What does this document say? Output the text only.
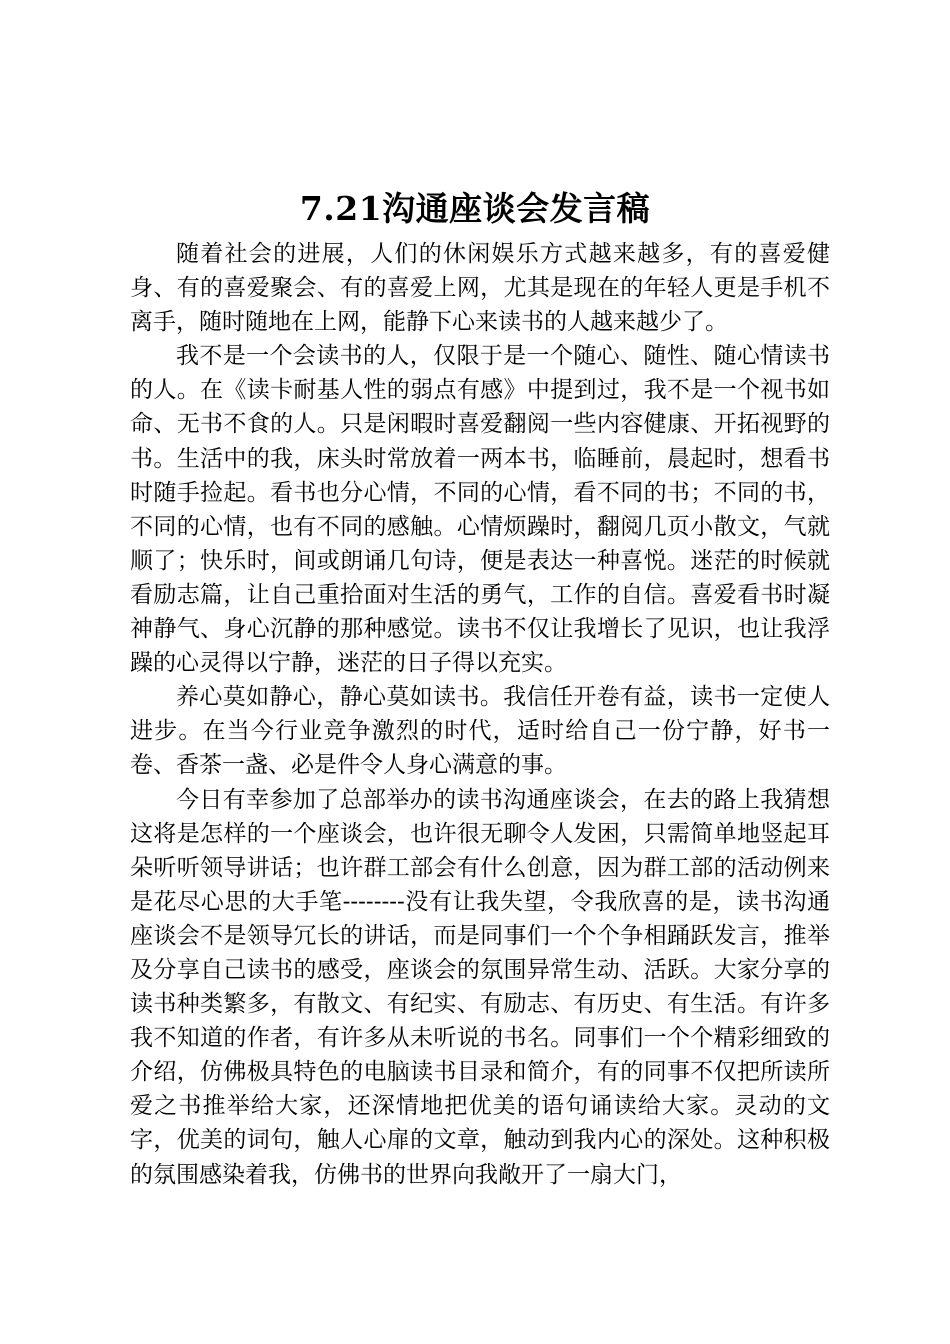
7.21沟通座谈会发言稿

随着社会的进展，人们的休闲娱乐方式越来越多，有的喜爱健身、有的喜爱聚会、有的喜爱上网，尤其是现在的年轻人更是手机不离手，随时随地在上网，能静下心来读书的人越来越少了。

我不是一个会读书的人，仅限于是一个随心、随性、随心情读书的人。在《读卡耐基人性的弱点有感》中提到过，我不是一个视书如命、无书不食的人。只是闲暇时喜爱翻阅一些内容健康、开拓视野的书。生活中的我，床头时常放着一两本书，临睡前，晨起时，想看书时随手捡起。看书也分心情，不同的心情，看不同的书；不同的书，不同的心情，也有不同的感触。心情烦躁时，翻阅几页小散文，气就顺了；快乐时，间或朗诵几句诗，便是表达一种喜悦。迷茫的时候就看励志篇，让自己重拾面对生活的勇气，工作的自信。喜爱看书时凝神静气、身心沉静的那种感觉。读书不仅让我增长了见识，也让我浮躁的心灵得以宁静，迷茫的日子得以充实。

养心莫如静心，静心莫如读书。我信任开卷有益，读书一定使人进步。在当今行业竞争激烈的时代，适时给自己一份宁静，好书一卷、香茶一盏、必是件令人身心满意的事。

今日有幸参加了总部举办的读书沟通座谈会，在去的路上我猜想这将是怎样的一个座谈会，也许很无聊令人发困，只需简单地竖起耳朵听听领导讲话；也许群工部会有什么创意，因为群工部的活动例来是花尽心思的大手笔--------没有让我失望，令我欣喜的是，读书沟通座谈会不是领导冗长的讲话，而是同事们一个个争相踊跃发言，推举及分享自己读书的感受，座谈会的氛围异常生动、活跃。大家分享的读书种类繁多，有散文、有纪实、有励志、有历史、有生活。有许多我不知道的作者，有许多从未听说的书名。同事们一个个精彩细致的介绍，仿佛极具特色的电脑读书目录和简介，有的同事不仅把所读所爱之书推举给大家，还深情地把优美的语句诵读给大家。灵动的文字，优美的词句，触人心扉的文章，触动到我内心的深处。这种积极的氛围感染着我，仿佛书的世界向我敞开了一扇大门，
